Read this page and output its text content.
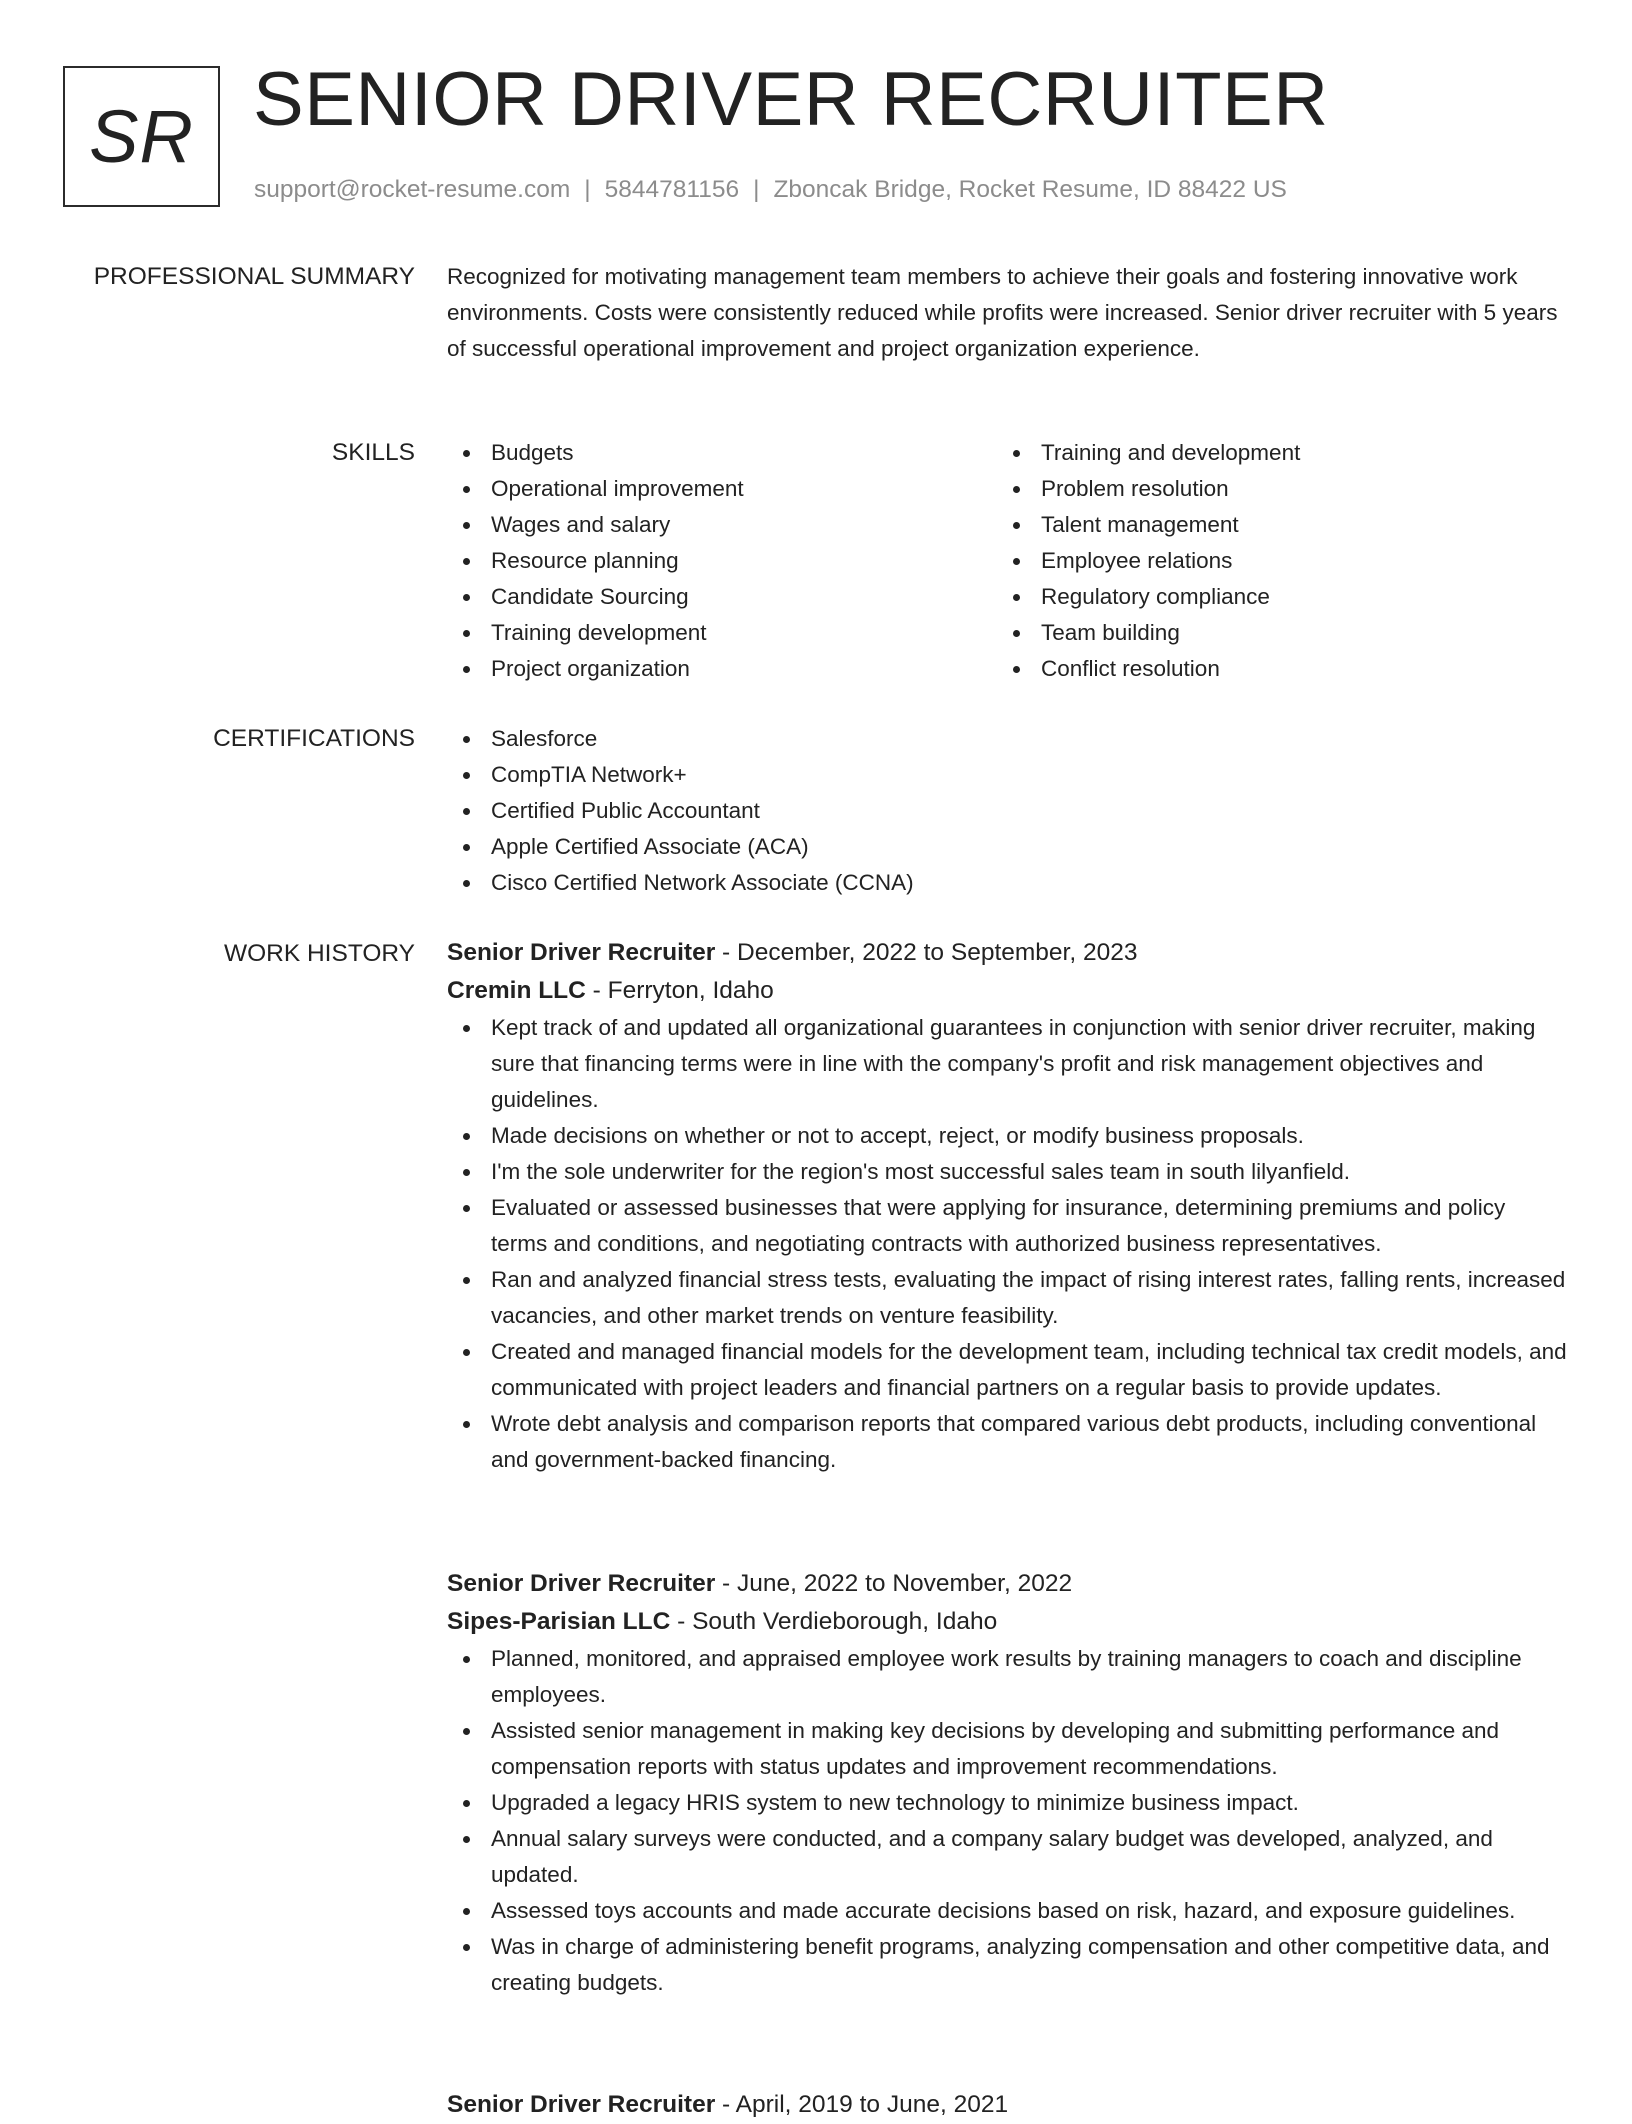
SR SENIOR DRIVER RECRUITER
support@rocket-resume.com | 5844781156 | Zboncak Bridge, Rocket Resume, ID 88422 US
PROFESSIONAL SUMMARY Recognized for motivating management team members to achieve their goals and fostering innovative work environments. Costs were consistently reduced while profits were increased. Senior driver recruiter with 5 years of successful operational improvement and project organization experience.

SKILLS	Budgets
Operational improvement
Wages and salary
Resource planning
Candidate Sourcing
Training development
Project organization
Training and development
Problem resolution
Talent management
Employee relations
Regulatory compliance
Team building
Conflict resolution
CERTIFICATIONS	Salesforce
CompTIA Network+
Certified Public Accountant
Apple Certified Associate (ACA)
Cisco Certified Network Associate (CCNA)
WORK HISTORY Senior Driver Recruiter - December, 2022 to September, 2023
Cremin LLC - Ferryton, Idaho
Kept track of and updated all organizational guarantees in conjunction with senior driver recruiter, making sure that financing terms were in line with the company's profit and risk management objectives and guidelines.
Made decisions on whether or not to accept, reject, or modify business proposals.
I'm the sole underwriter for the region's most successful sales team in south lilyanfield.
Evaluated or assessed businesses that were applying for insurance, determining premiums and policy terms and conditions, and negotiating contracts with authorized business representatives.
Ran and analyzed financial stress tests, evaluating the impact of rising interest rates, falling rents, increased vacancies, and other market trends on venture feasibility.
Created and managed financial models for the development team, including technical tax credit models, and communicated with project leaders and financial partners on a regular basis to provide updates.
Wrote debt analysis and comparison reports that compared various debt products, including conventional and government-backed financing.
Senior Driver Recruiter - June, 2022 to November, 2022
Sipes-Parisian LLC - South Verdieborough, Idaho
Planned, monitored, and appraised employee work results by training managers to coach and discipline employees.
Assisted senior management in making key decisions by developing and submitting performance and compensation reports with status updates and improvement recommendations.
Upgraded a legacy HRIS system to new technology to minimize business impact.
Annual salary surveys were conducted, and a company salary budget was developed, analyzed, and updated.
Assessed toys accounts and made accurate decisions based on risk, hazard, and exposure guidelines.
Was in charge of administering benefit programs, analyzing compensation and other competitive data, and creating budgets.
Senior Driver Recruiter - April, 2019 to June, 2021
